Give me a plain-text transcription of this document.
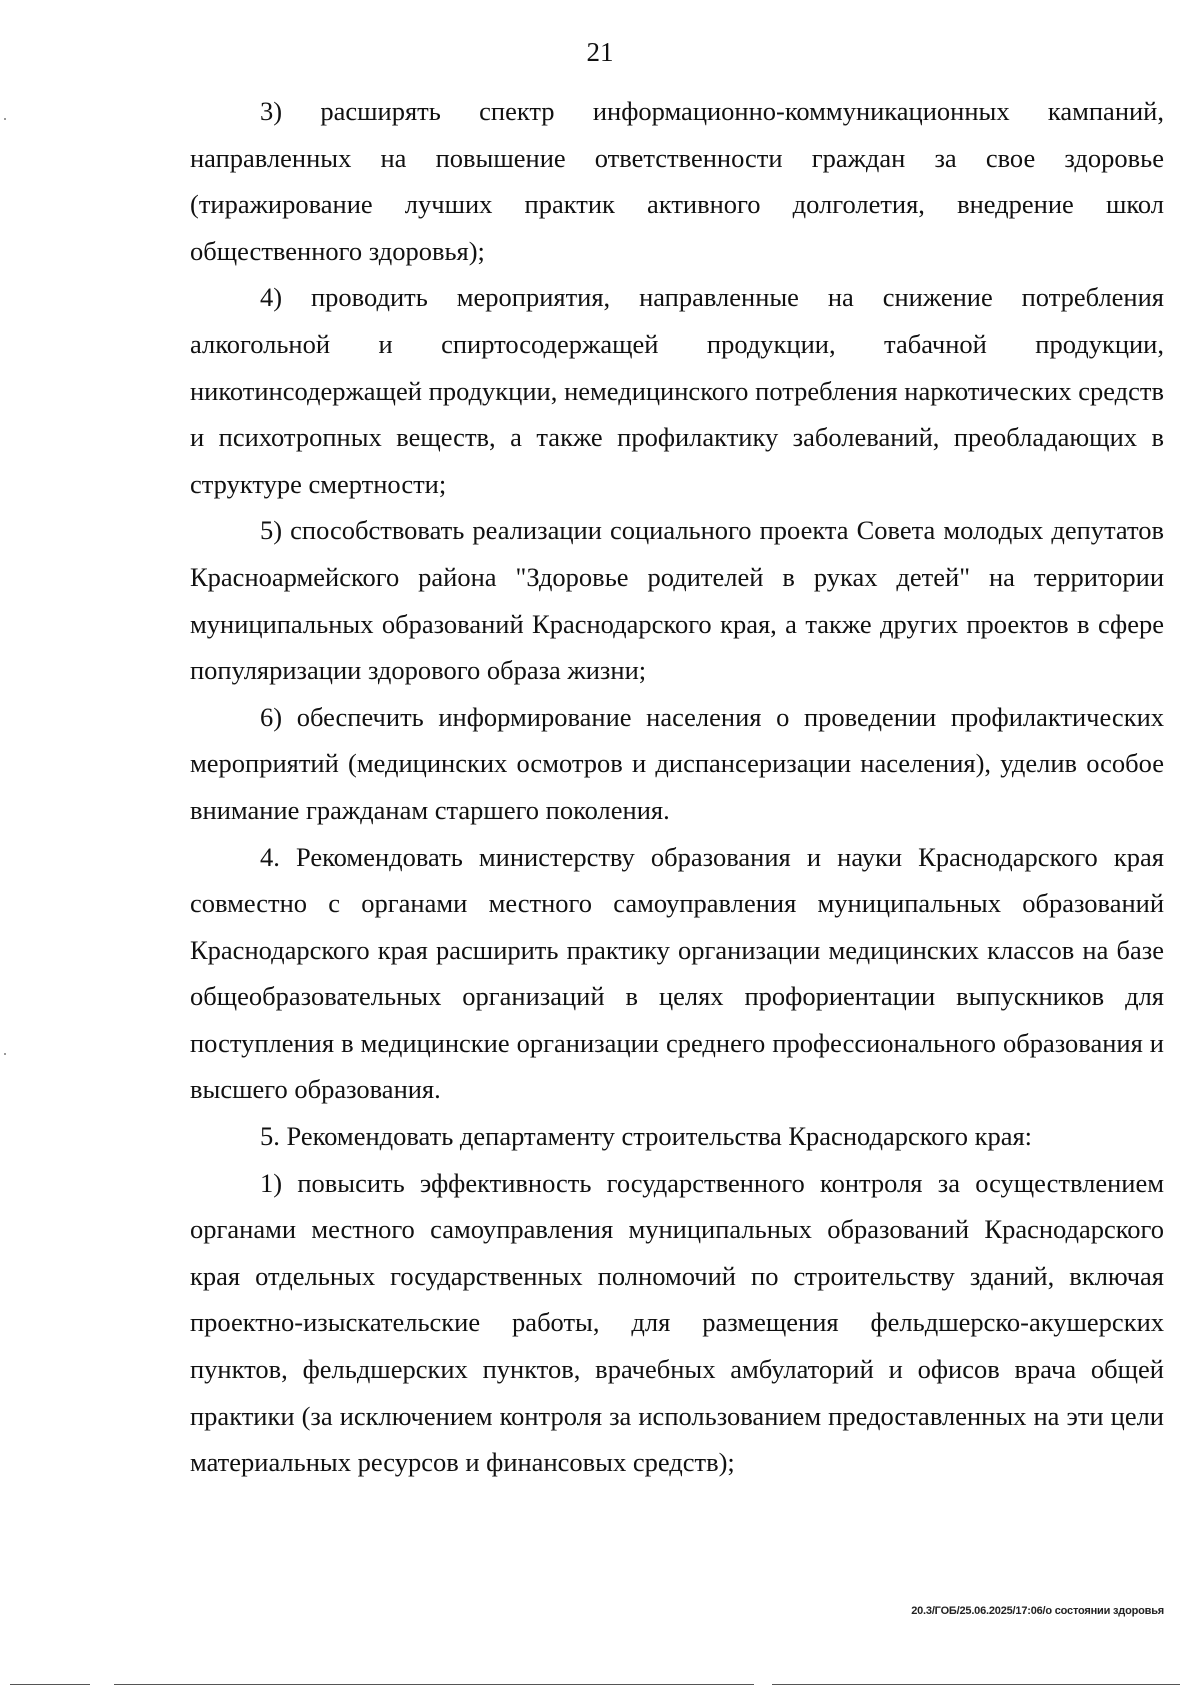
21

3) расширять спектр информационно-коммуникационных кампаний, направленных на повышение ответственности граждан за свое здоровье (тиражирование лучших практик активного долголетия, внедрение школ общественного здоровья);

4) проводить мероприятия, направленные на снижение потребления алкогольной и спиртосодержащей продукции, табачной продукции, никотинсодержащей продукции, немедицинского потребления наркотических средств и психотропных веществ, а также профилактику заболеваний, преобладающих в структуре смертности;

5) способствовать реализации социального проекта Совета молодых депутатов Красноармейского района "Здоровье родителей в руках детей" на территории муниципальных образований Краснодарского края, а также других проектов в сфере популяризации здорового образа жизни;

6) обеспечить информирование населения о проведении профилактических мероприятий (медицинских осмотров и диспансеризации населения), уделив особое внимание гражданам старшего поколения.

4. Рекомендовать министерству образования и науки Краснодарского края совместно с органами местного самоуправления муниципальных образований Краснодарского края расширить практику организации медицинских классов на базе общеобразовательных организаций в целях профориентации выпускников для поступления в медицинские организации среднего профессионального образования и высшего образования.

5. Рекомендовать департаменту строительства Краснодарского края:

1) повысить эффективность государственного контроля за осуществлением органами местного самоуправления муниципальных образований Краснодарского края отдельных государственных полномочий по строительству зданий, включая проектно-изыскательские работы, для размещения фельдшерско-акушерских пунктов, фельдшерских пунктов, врачебных амбулаторий и офисов врача общей практики (за исключением контроля за использованием предоставленных на эти цели материальных ресурсов и финансовых средств);

20.3/ГОБ/25.06.2025/17:06/о состоянии здоровья
